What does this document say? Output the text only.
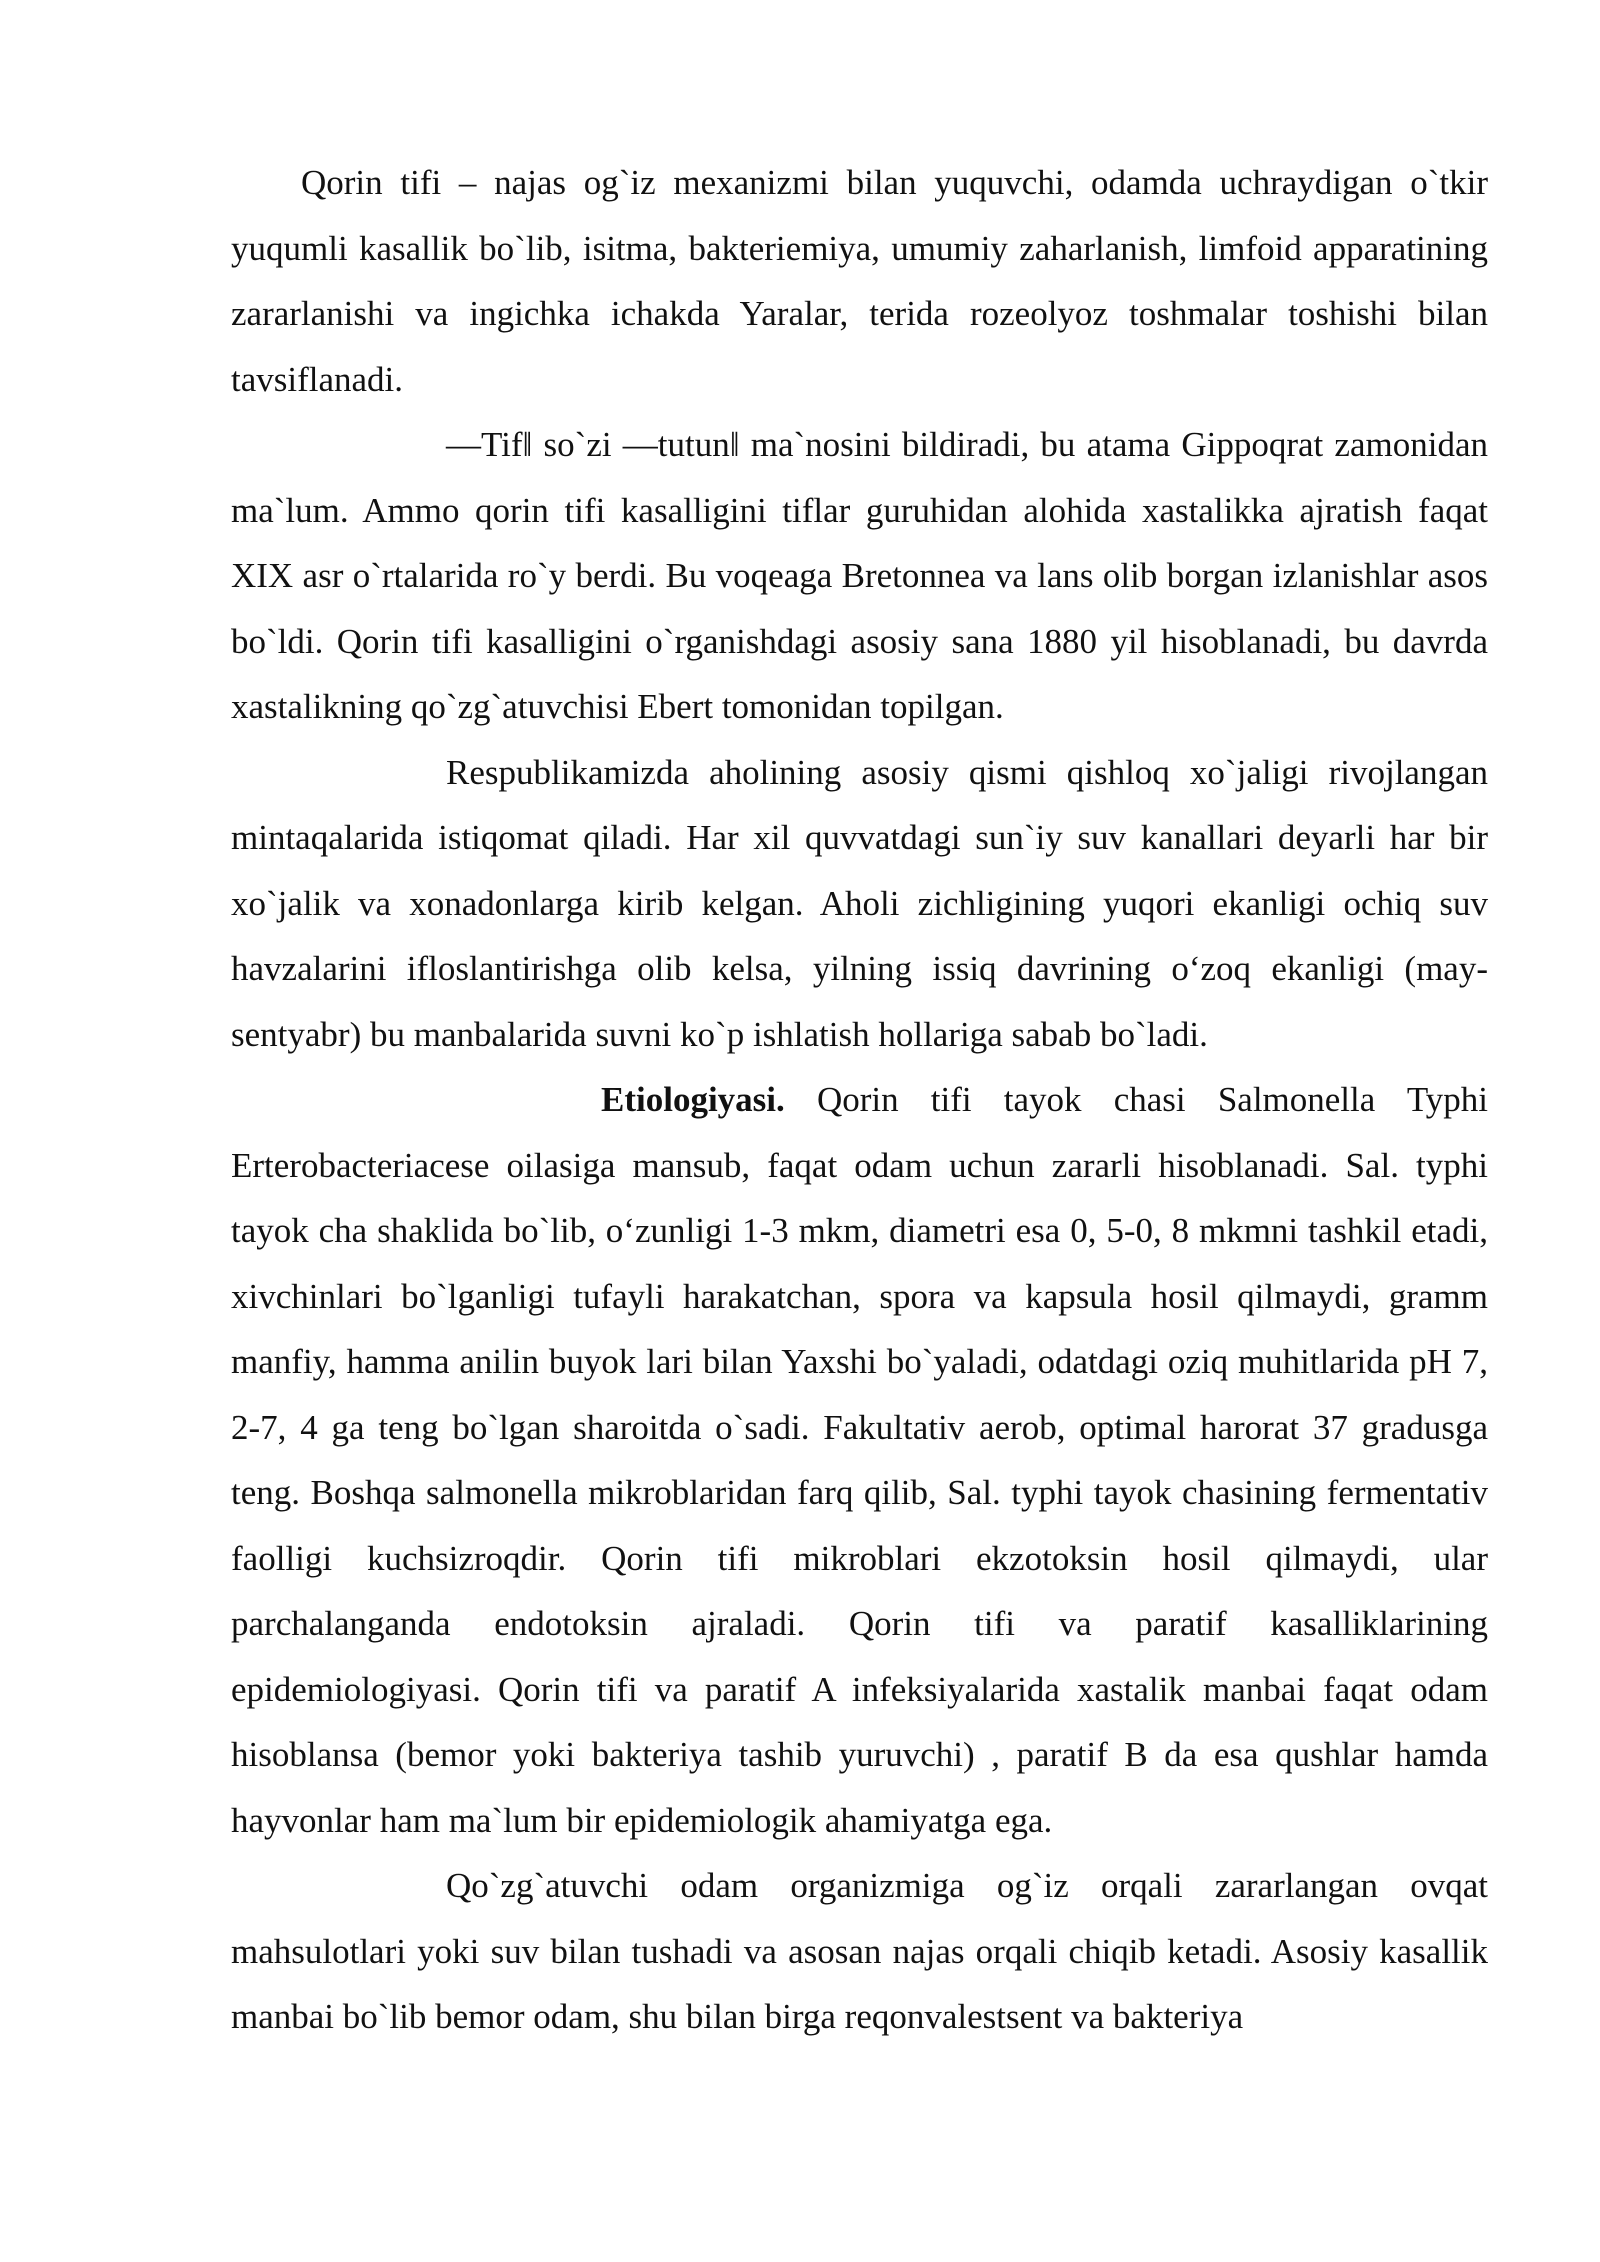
Qorin tifi – najas og`iz mexanizmi bilan yuquvchi, odamda uchraydigan o`tkir yuqumli kasallik bo`lib, isitma, bakteriemiya, umumiy zaharlanish, limfoid apparatining zararlanishi va ingichka ichakda Yaralar, terida rozeolyoz toshmalar toshishi bilan tavsiflanadi.

―Tif‖ so`zi ―tutun‖ ma`nosini bildiradi, bu atama Gippoqrat zamonidan ma`lum. Ammo qorin tifi kasalligini tiflar guruhidan alohida xastalikka ajratish faqat XIX asr o`rtalarida ro`y berdi. Bu voqeaga Bretonnea va lans olib borgan izlanishlar asos bo`ldi. Qorin tifi kasalligini o`rganishdagi asosiy sana 1880 yil hisoblanadi, bu davrda xastalikning qo`zg`atuvchisi Ebert tomonidan topilgan.

Respublikamizda aholining asosiy qismi qishloq xo`jaligi rivojlangan mintaqalarida istiqomat qiladi. Har xil quvvatdagi sun`iy suv kanallari deyarli har bir xo`jalik va xonadonlarga kirib kelgan. Aholi zichligining yuqori ekanligi ochiq suv havzalarini ifloslantirishga olib kelsa, yilning issiq davrining o‘zoq ekanligi (may-sentyabr) bu manbalarida suvni ko`p ishlatish hollariga sabab bo`ladi.

Etiologiyasi. Qorin tifi tayok chasi Salmonella Typhi Erterobacteriacese oilasiga mansub, faqat odam uchun zararli hisoblanadi. Sal. typhi tayok cha shaklida bo`lib, o‘zunligi 1-3 mkm, diametri esa 0, 5-0, 8 mkmni tashkil etadi, xivchinlari bo`lganligi tufayli harakatchan, spora va kapsula hosil qilmaydi, gramm manfiy, hamma anilin buyok lari bilan Yaxshi bo`yaladi, odatdagi oziq muhitlarida pH 7, 2-7, 4 ga teng bo`lgan sharoitda o`sadi. Fakultativ aerob, optimal harorat 37 gradusga teng. Boshqa salmonella mikroblaridan farq qilib, Sal. typhi tayok chasining fermentativ faolligi kuchsizroqdir. Qorin tifi mikroblari ekzotoksin hosil qilmaydi, ular parchalanganda endotoksin ajraladi. Qorin tifi va paratif kasalliklarining epidemiologiyasi. Qorin tifi va paratif A infeksiyalarida xastalik manbai faqat odam hisoblansa (bemor yoki bakteriya tashib yuruvchi) , paratif B da esa qushlar hamda hayvonlar ham ma`lum bir epidemiologik ahamiyatga ega.

Qo`zg`atuvchi odam organizmiga og`iz orqali zararlangan ovqat mahsulotlari yoki suv bilan tushadi va asosan najas orqali chiqib ketadi. Asosiy kasallik manbai bo`lib bemor odam, shu bilan birga reqonvalestsent va bakteriya
